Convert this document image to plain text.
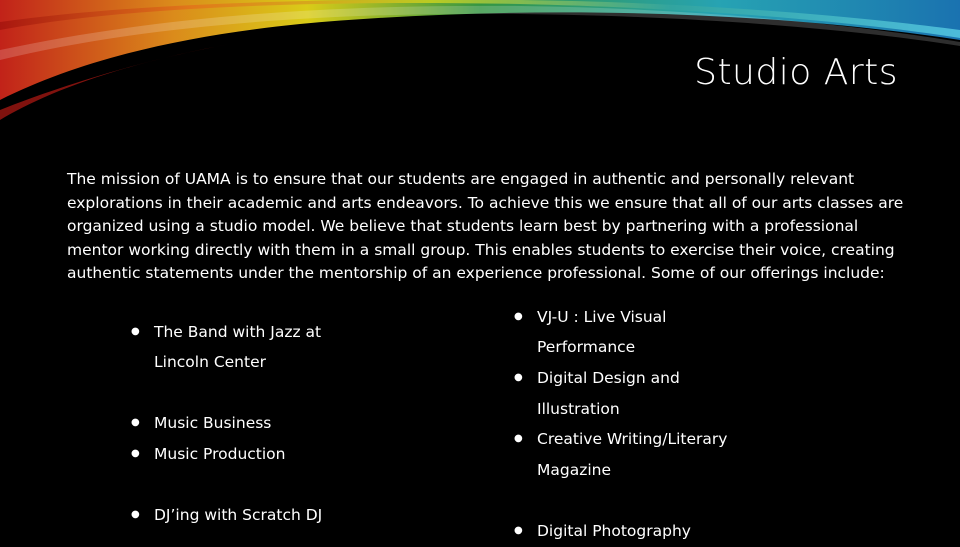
Studio Arts

The mission of UAMA is to ensure that our students are engaged in authentic and personally relevant explorations in their academic and arts endeavors. To achieve this we ensure that all of our arts classes are organized using a studio model. We believe that students learn best by partnering with a professional mentor working directly with them in a small group. This enables students to exercise their voice, creating authentic statements under the mentorship of an experience professional. Some of our offerings include:

● The Band with Jazz at
Lincoln Center
● Music Business
● Music Production
● DJ’ing with Scratch DJ
● VJ-U : Live Visual
Performance
● Digital Design and
Illustration
● Creative Writing/Literary
Magazine
● Digital Photography
